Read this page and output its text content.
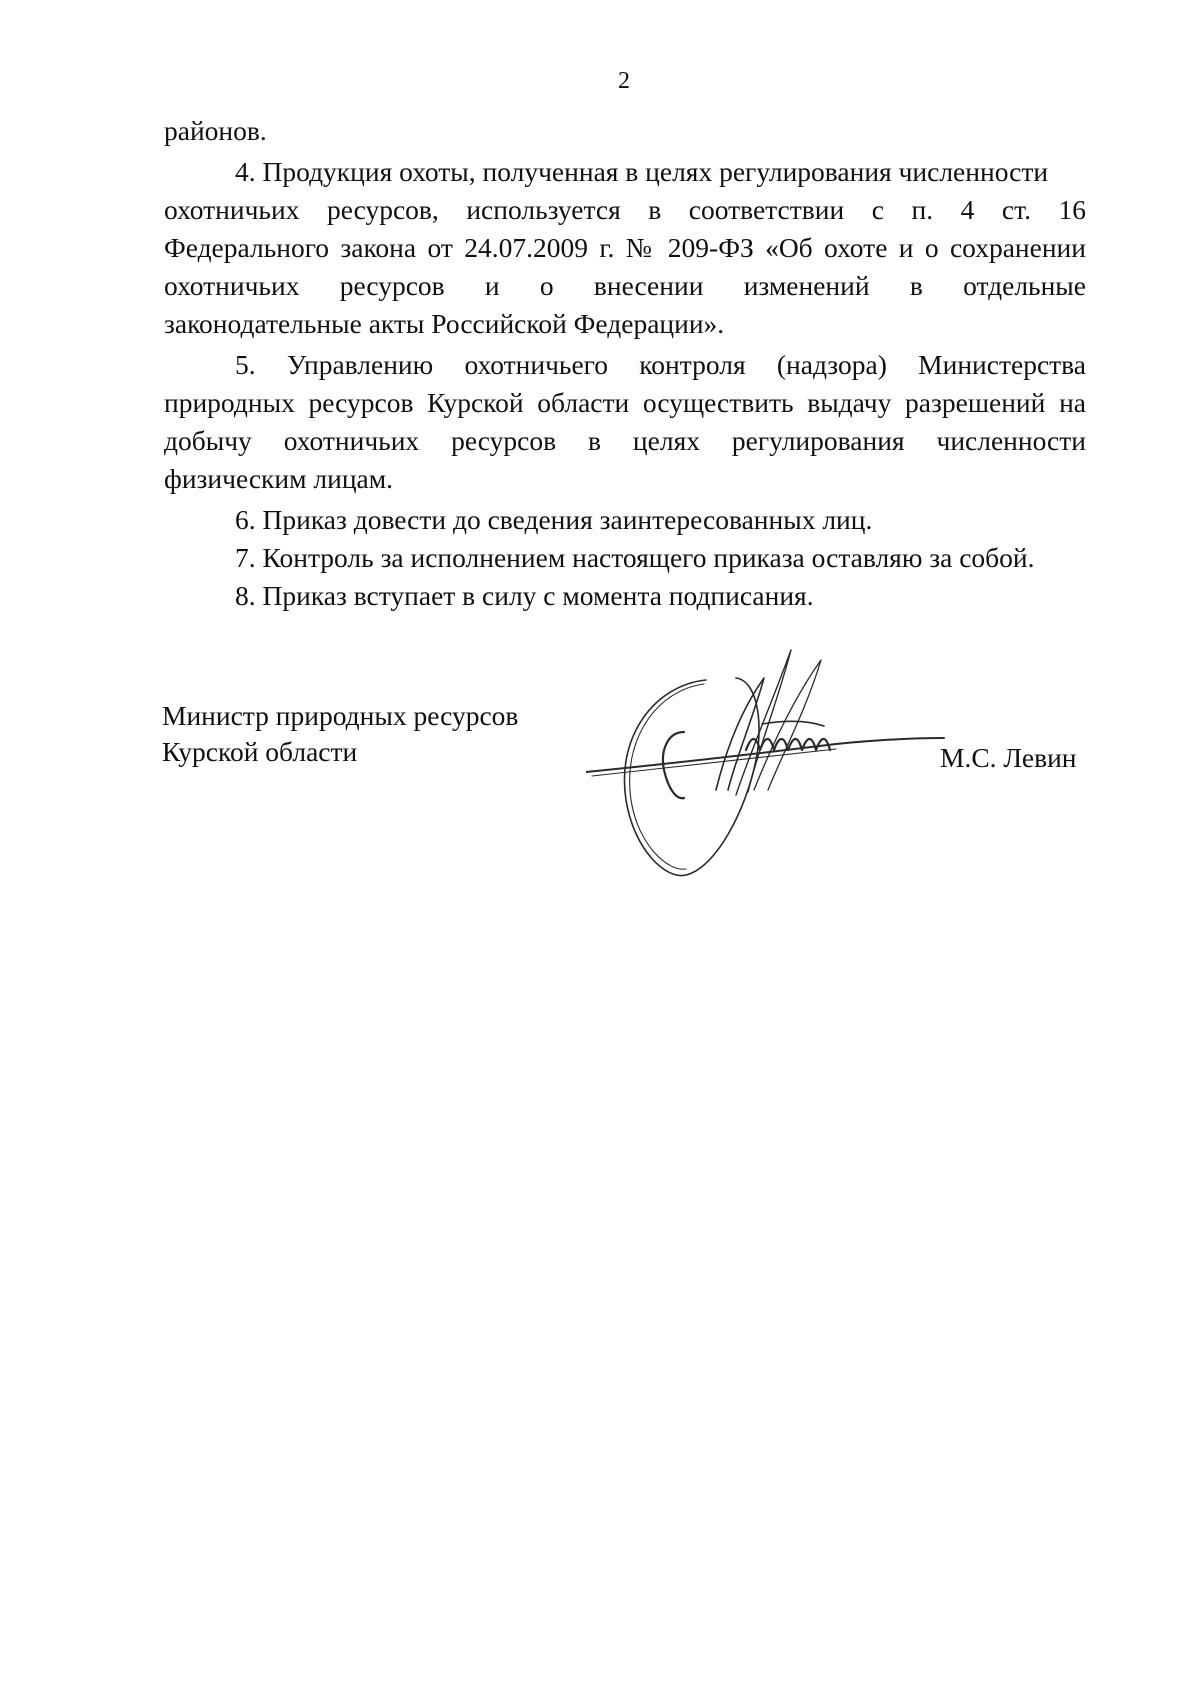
2
районов.
4. Продукция охоты, полученная в целях регулирования численности
охотничьих ресурсов, используется в соответствии с п. 4 ст. 16
Федерального закона от 24.07.2009 г. № 209-ФЗ «Об охоте и о сохранении
охотничьих ресурсов и о внесении изменений в отдельные
законодательные акты Российской Федерации».
5. Управлению охотничьего контроля (надзора) Министерства
природных ресурсов Курской области осуществить выдачу разрешений на
добычу охотничьих ресурсов в целях регулирования численности
физическим лицам.
6. Приказ довести до сведения заинтересованных лиц.
7. Контроль за исполнением настоящего приказа оставляю за собой.
8. Приказ вступает в силу с момента подписания.
Министр природных ресурсов
Курской области	М.С. Левин
